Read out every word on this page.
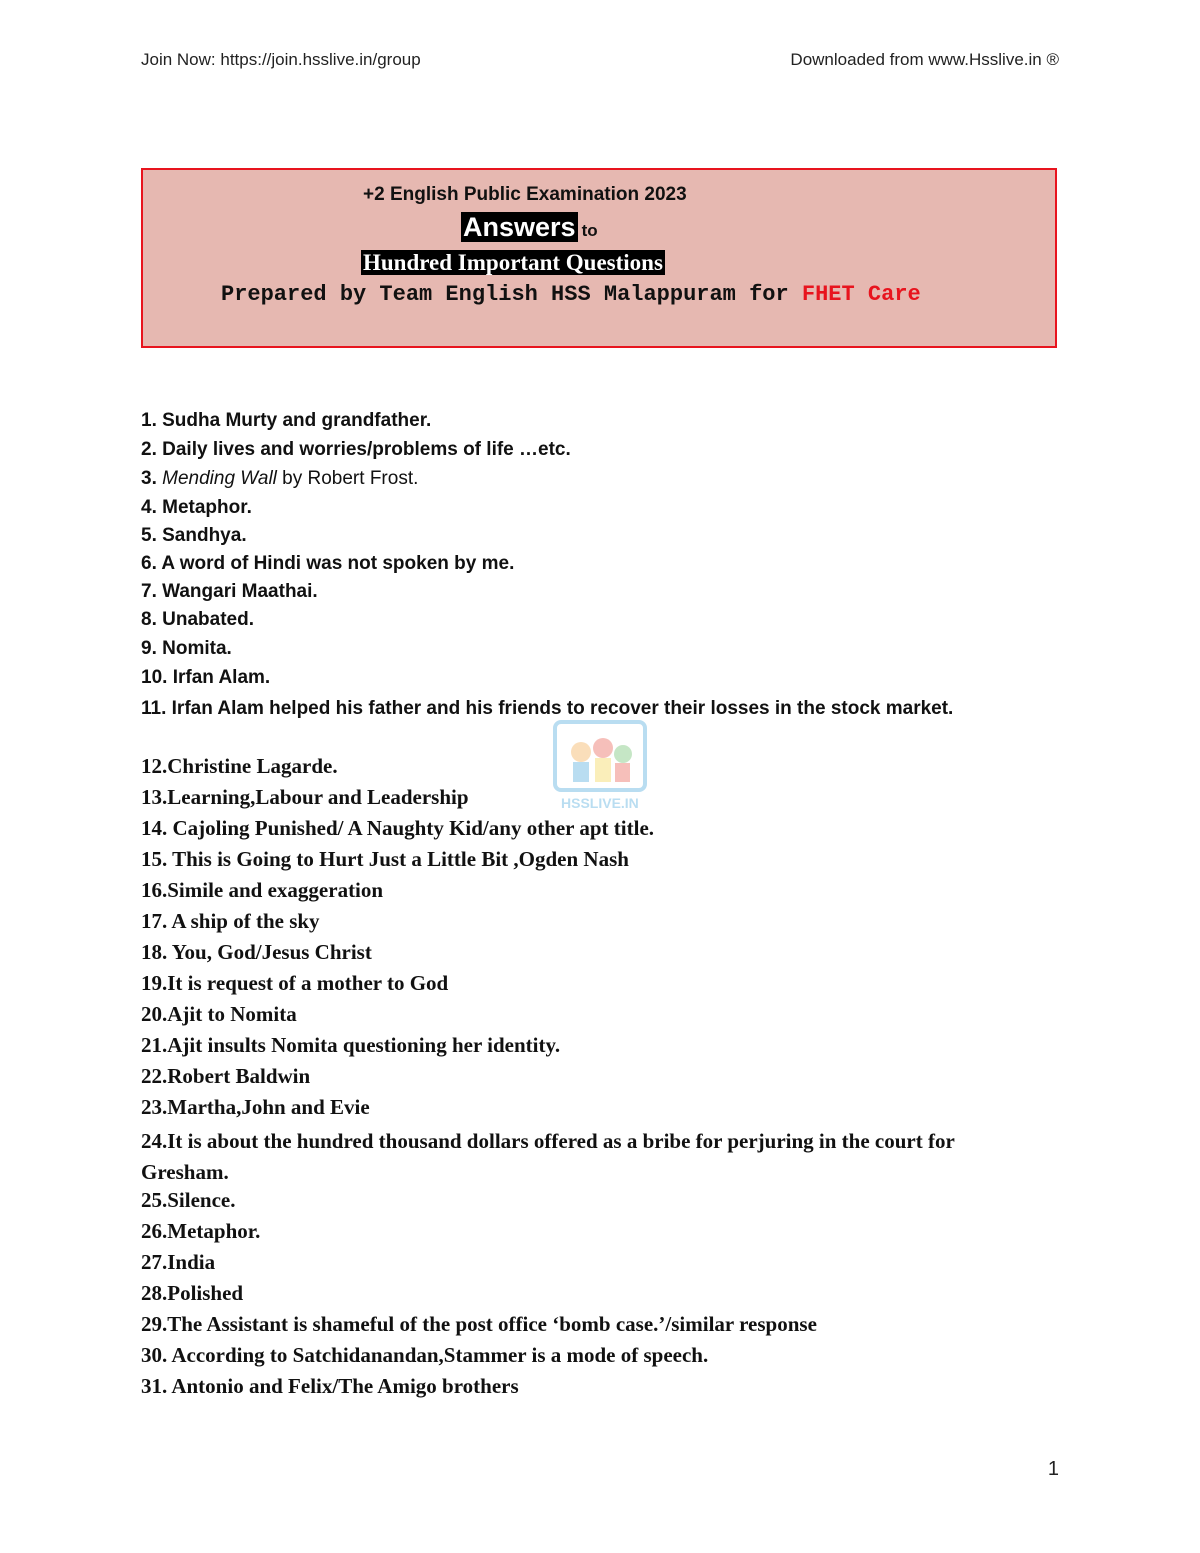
Join Now: https://join.hsslive.in/group	Downloaded from www.Hsslive.in ®
+2 English Public Examination 2023
Answers to
Hundred Important Questions
Prepared by Team English HSS Malappuram for FHET Care
HSSLIVE.IN
1. Sudha Murty and grandfather.
2. Daily lives and worries/problems of life …etc.
3. Mending Wall by Robert Frost.
4. Metaphor.
5. Sandhya.
6. A word of Hindi was not spoken by me.
7. Wangari Maathai.
8. Unabated.
9. Nomita.
10. Irfan Alam.
11. Irfan Alam helped his father and his friends to recover their losses in the stock market.
12.Christine Lagarde.
13.Learning,Labour and Leadership
14. Cajoling Punished/ A Naughty Kid/any other apt title.
15. This is Going to Hurt Just a Little Bit ,Ogden Nash
16.Simile and exaggeration
17. A ship of the sky
18. You, God/Jesus Christ
19.It is request of a mother to God
20.Ajit to Nomita
21.Ajit insults Nomita questioning her identity.
22.Robert Baldwin
23.Martha,John and Evie
24.It is about the hundred thousand dollars offered as a bribe for perjuring in the court for Gresham.
25.Silence.
26.Metaphor.
27.India
28.Polished
29.The Assistant is shameful of the post office ‘bomb case.’/similar response
30. According to Satchidanandan,Stammer is a mode of speech.
31. Antonio and Felix/The Amigo brothers
1
